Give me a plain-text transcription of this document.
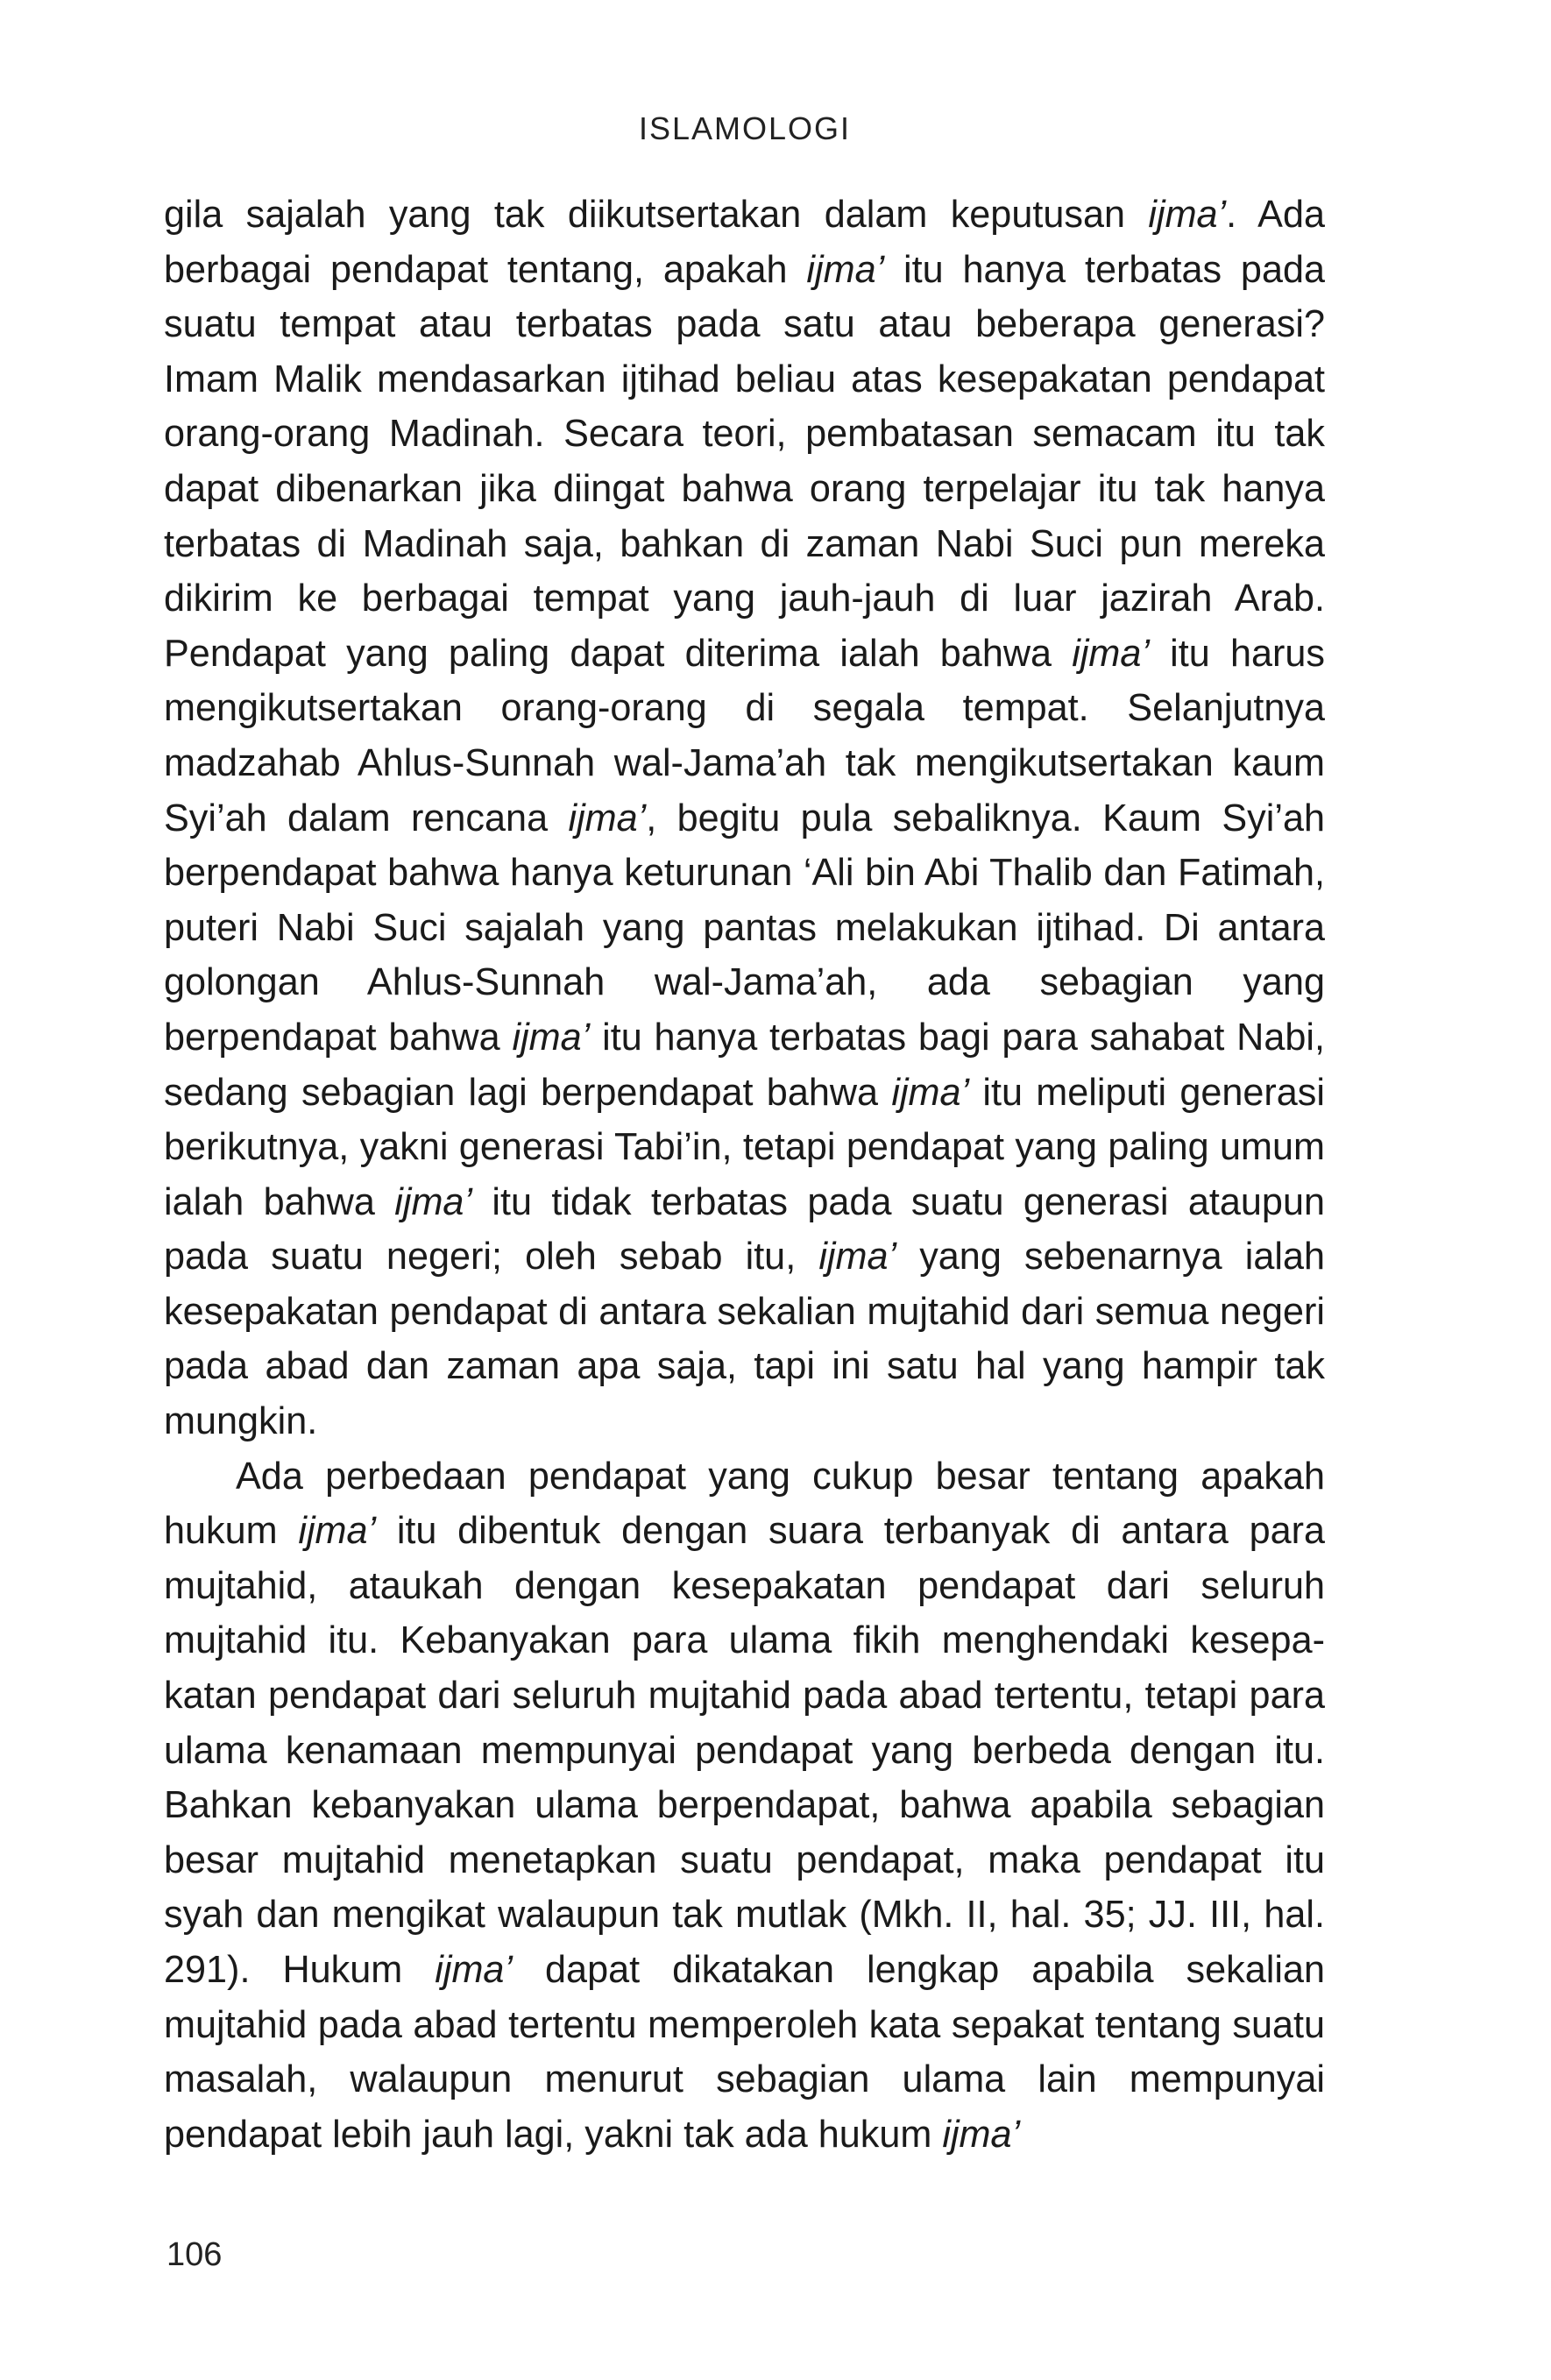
ISLAMOLOGI

gila sajalah yang tak diikutsertakan dalam keputusan ijma’. Ada berbagai pendapat tentang, apakah ijma’ itu hanya terbatas pada suatu tempat atau terbatas pada satu atau beberapa generasi? Imam Malik mendasarkan ijtihad beliau atas kesepakatan pendapat orang-orang Madinah. Secara teori, pembatasan semacam itu tak dapat dibenarkan jika diingat bahwa orang terpelajar itu tak hanya terbatas di Madinah saja, bahkan di zaman Nabi Suci pun mereka dikirim ke berbagai tempat yang jauh-jauh di luar jazirah Arab. Pendapat yang paling dapat diterima ialah bahwa ijma’ itu harus mengikutsertakan orang-orang di segala tempat. Selanjutnya madzahab Ahlus-Sunnah wal-Jama’ah tak mengikutsertakan kaum Syi’ah dalam rencana ijma’, begitu pula sebaliknya. Kaum Syi’ah berpendapat bahwa hanya keturunan ‘Ali bin Abi Thalib dan Fatimah, puteri Nabi Suci sajalah yang pantas melakukan ijtihad. Di antara golongan Ahlus-Sunnah wal-Jama’ah, ada sebagian yang berpendapat bahwa ijma’ itu hanya terbatas bagi para sahabat Nabi, sedang sebagian lagi berpendapat bahwa ijma’ itu meliputi generasi berikutnya, yakni generasi Tabi’in, tetapi pendapat yang paling umum ialah bahwa ijma’ itu tidak terbatas pada suatu generasi ataupun pada suatu negeri; oleh sebab itu, ijma’ yang sebenarnya ialah kesepakatan pendapat di antara sekalian mujtahid dari semua negeri pada abad dan zaman apa saja, tapi ini satu hal yang hampir tak mungkin.

Ada perbedaan pendapat yang cukup besar tentang apakah hukum ijma’ itu dibentuk dengan suara terbanyak di antara para mujtahid, ataukah dengan kesepakatan pendapat dari seluruh mujtahid itu. Kebanyakan para ulama fikih menghendaki kesepakatan pendapat dari seluruh mujtahid pada abad tertentu, tetapi para ulama kenamaan mempunyai pendapat yang berbeda dengan itu. Bahkan kebanyakan ulama berpendapat, bahwa apabila sebagian besar mujtahid menetapkan suatu pendapat, maka pendapat itu syah dan mengikat walaupun tak mutlak (Mkh. II, hal. 35; JJ. III, hal. 291). Hukum ijma’ dapat dikatakan lengkap apabila sekalian mujtahid pada abad tertentu memperoleh kata sepakat tentang suatu masalah, walaupun menurut sebagian ulama lain mempunyai pendapat lebih jauh lagi, yakni tak ada hukum ijma’

106
